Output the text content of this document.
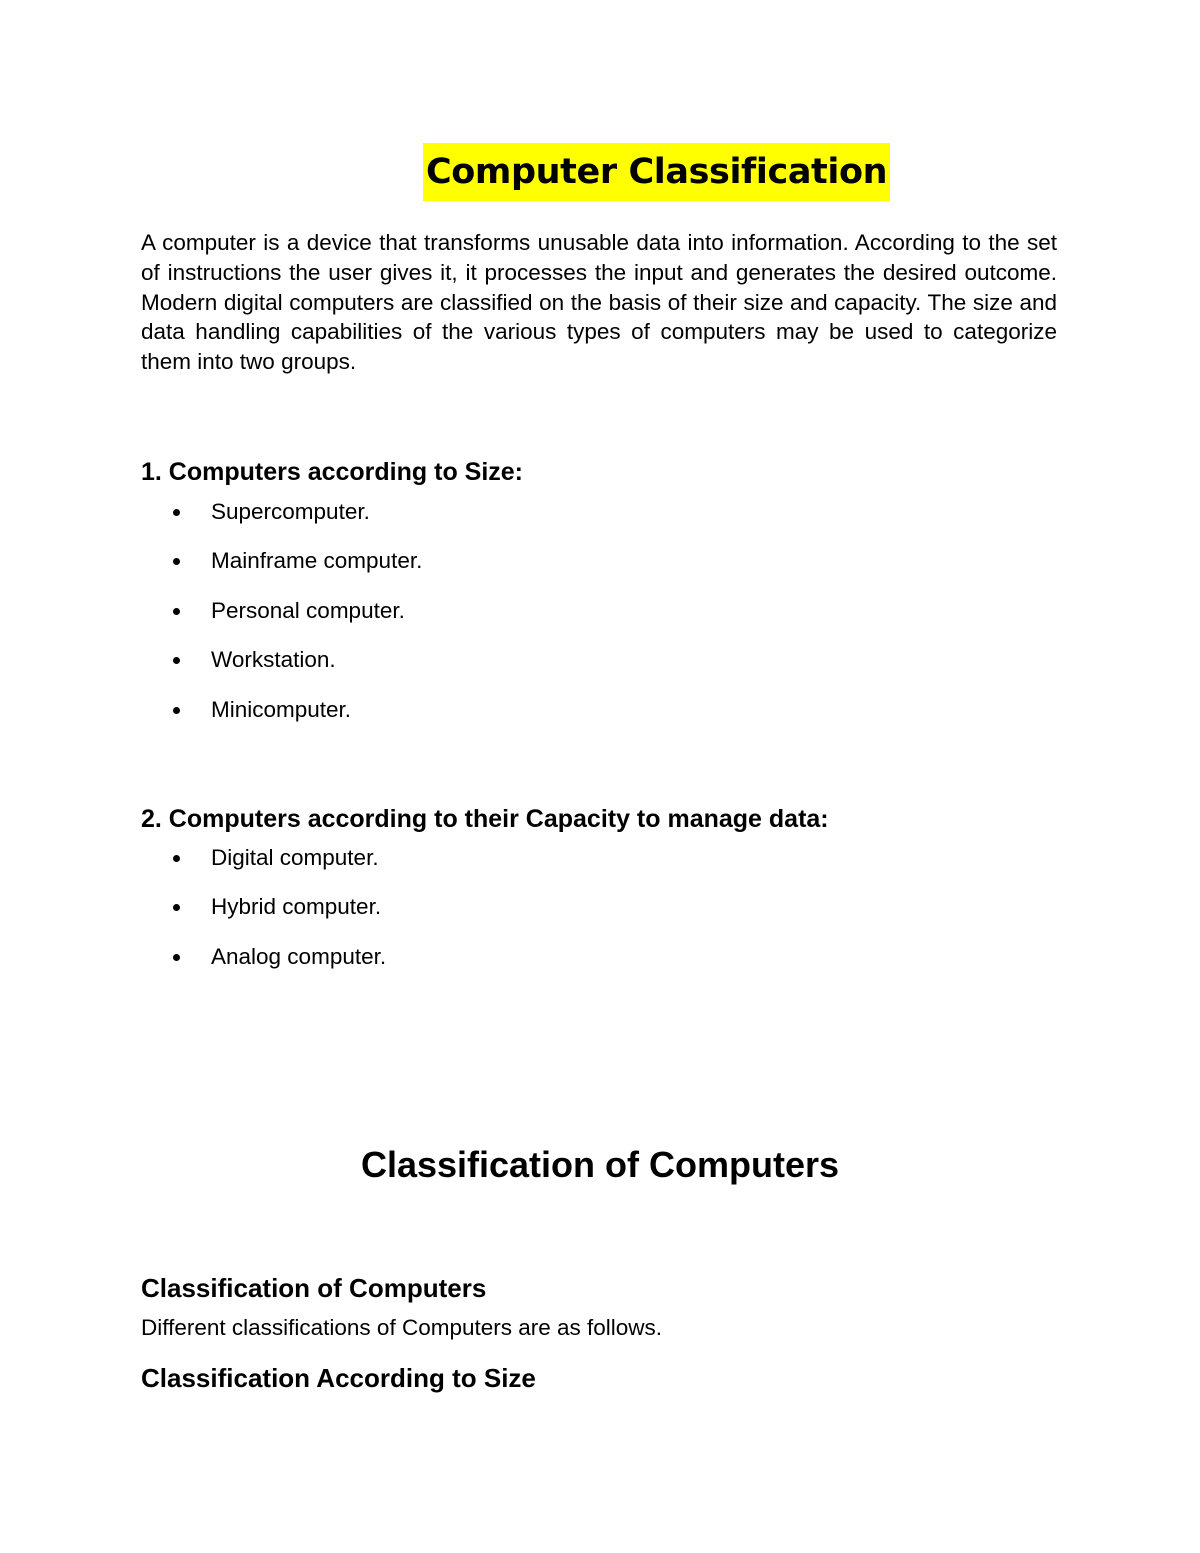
Computer Classification

A computer is a device that transforms unusable data into information. According to the set of instructions the user gives it, it processes the input and generates the desired outcome. Modern digital computers are classified on the basis of their size and capacity. The size and data handling capabilities of the various types of computers may be used to categorize them into two groups.

1. Computers according to Size:
Supercomputer.
Mainframe computer.
Personal computer.
Workstation.
Minicomputer.
2. Computers according to their Capacity to manage data:
Digital computer.
Hybrid computer.
Analog computer.
Classification of Computers
Classification of Computers

Different classifications of Computers are as follows.

Classification According to Size
